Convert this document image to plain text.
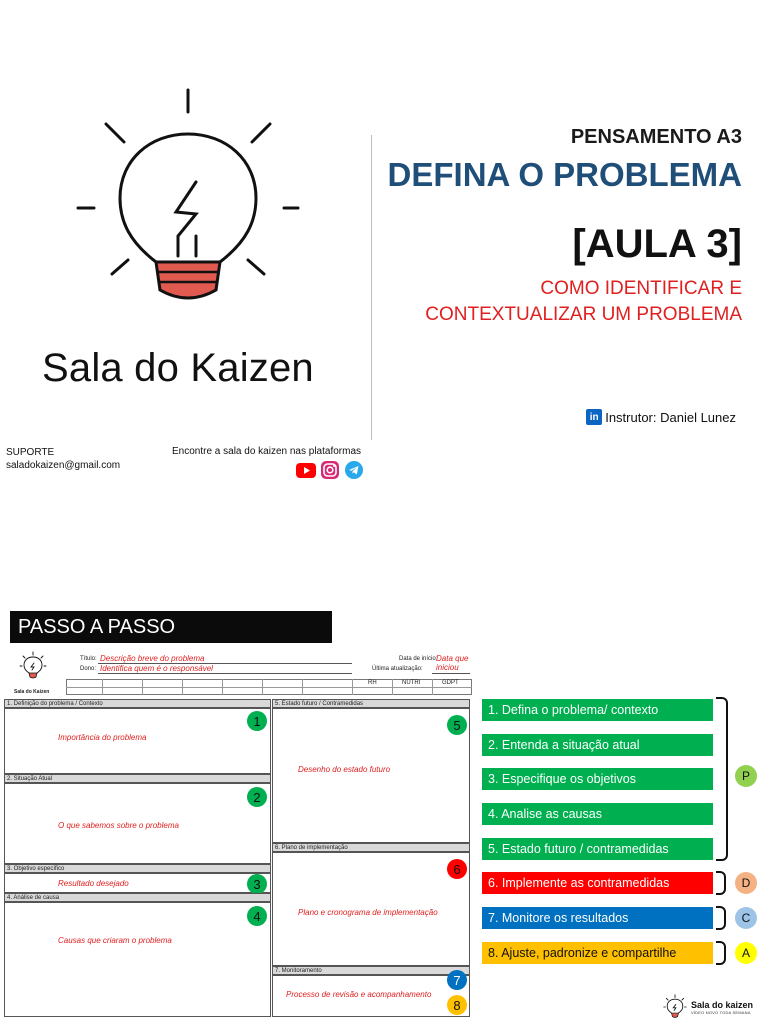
Sala do Kaizen
PENSAMENTO A3
DEFINA O PROBLEMA
[AULA 3]
COMO IDENTIFICAR E
CONTEXTUALIZAR UM PROBLEMA
in Instrutor: Daniel Lunez
SUPORTE
saladokaizen@gmail.com
Encontre a sala do kaizen nas plataformas
PASSO A PASSO
Sala do Kaizen
Título: Descrição breve do problema
Dono: Identifica quem é o responsável
Data de início:
Data que iniciou
Última atualização:
RH	NUTRI	GDPT
1. Definição do problema / Contexto
Importância do problema
1
2. Situação Atual
O que sabemos sobre o problema
2
3. Objetivo específico
Resultado desejado	3
4. Análise de causa
Causas que criaram o problema
4
5. Estado futuro / Contramedidas
Desenho do estado futuro
5
6. Plano de implementação
Plano e cronograma de implementação
6
7. Monitoramento
Processo de revisão e acompanhamento
7
8
1. Defina o problema/ contexto
2. Entenda a situação atual
3. Especifique os objetivos
4. Analise as causas
5. Estado futuro / contramedidas
6. Implemente as contramedidas
7. Monitore os resultados
8. Ajuste, padronize e compartilhe
P
D
C
A
Sala do kaizen
VÍDEO NOVO TODA SEMANA
